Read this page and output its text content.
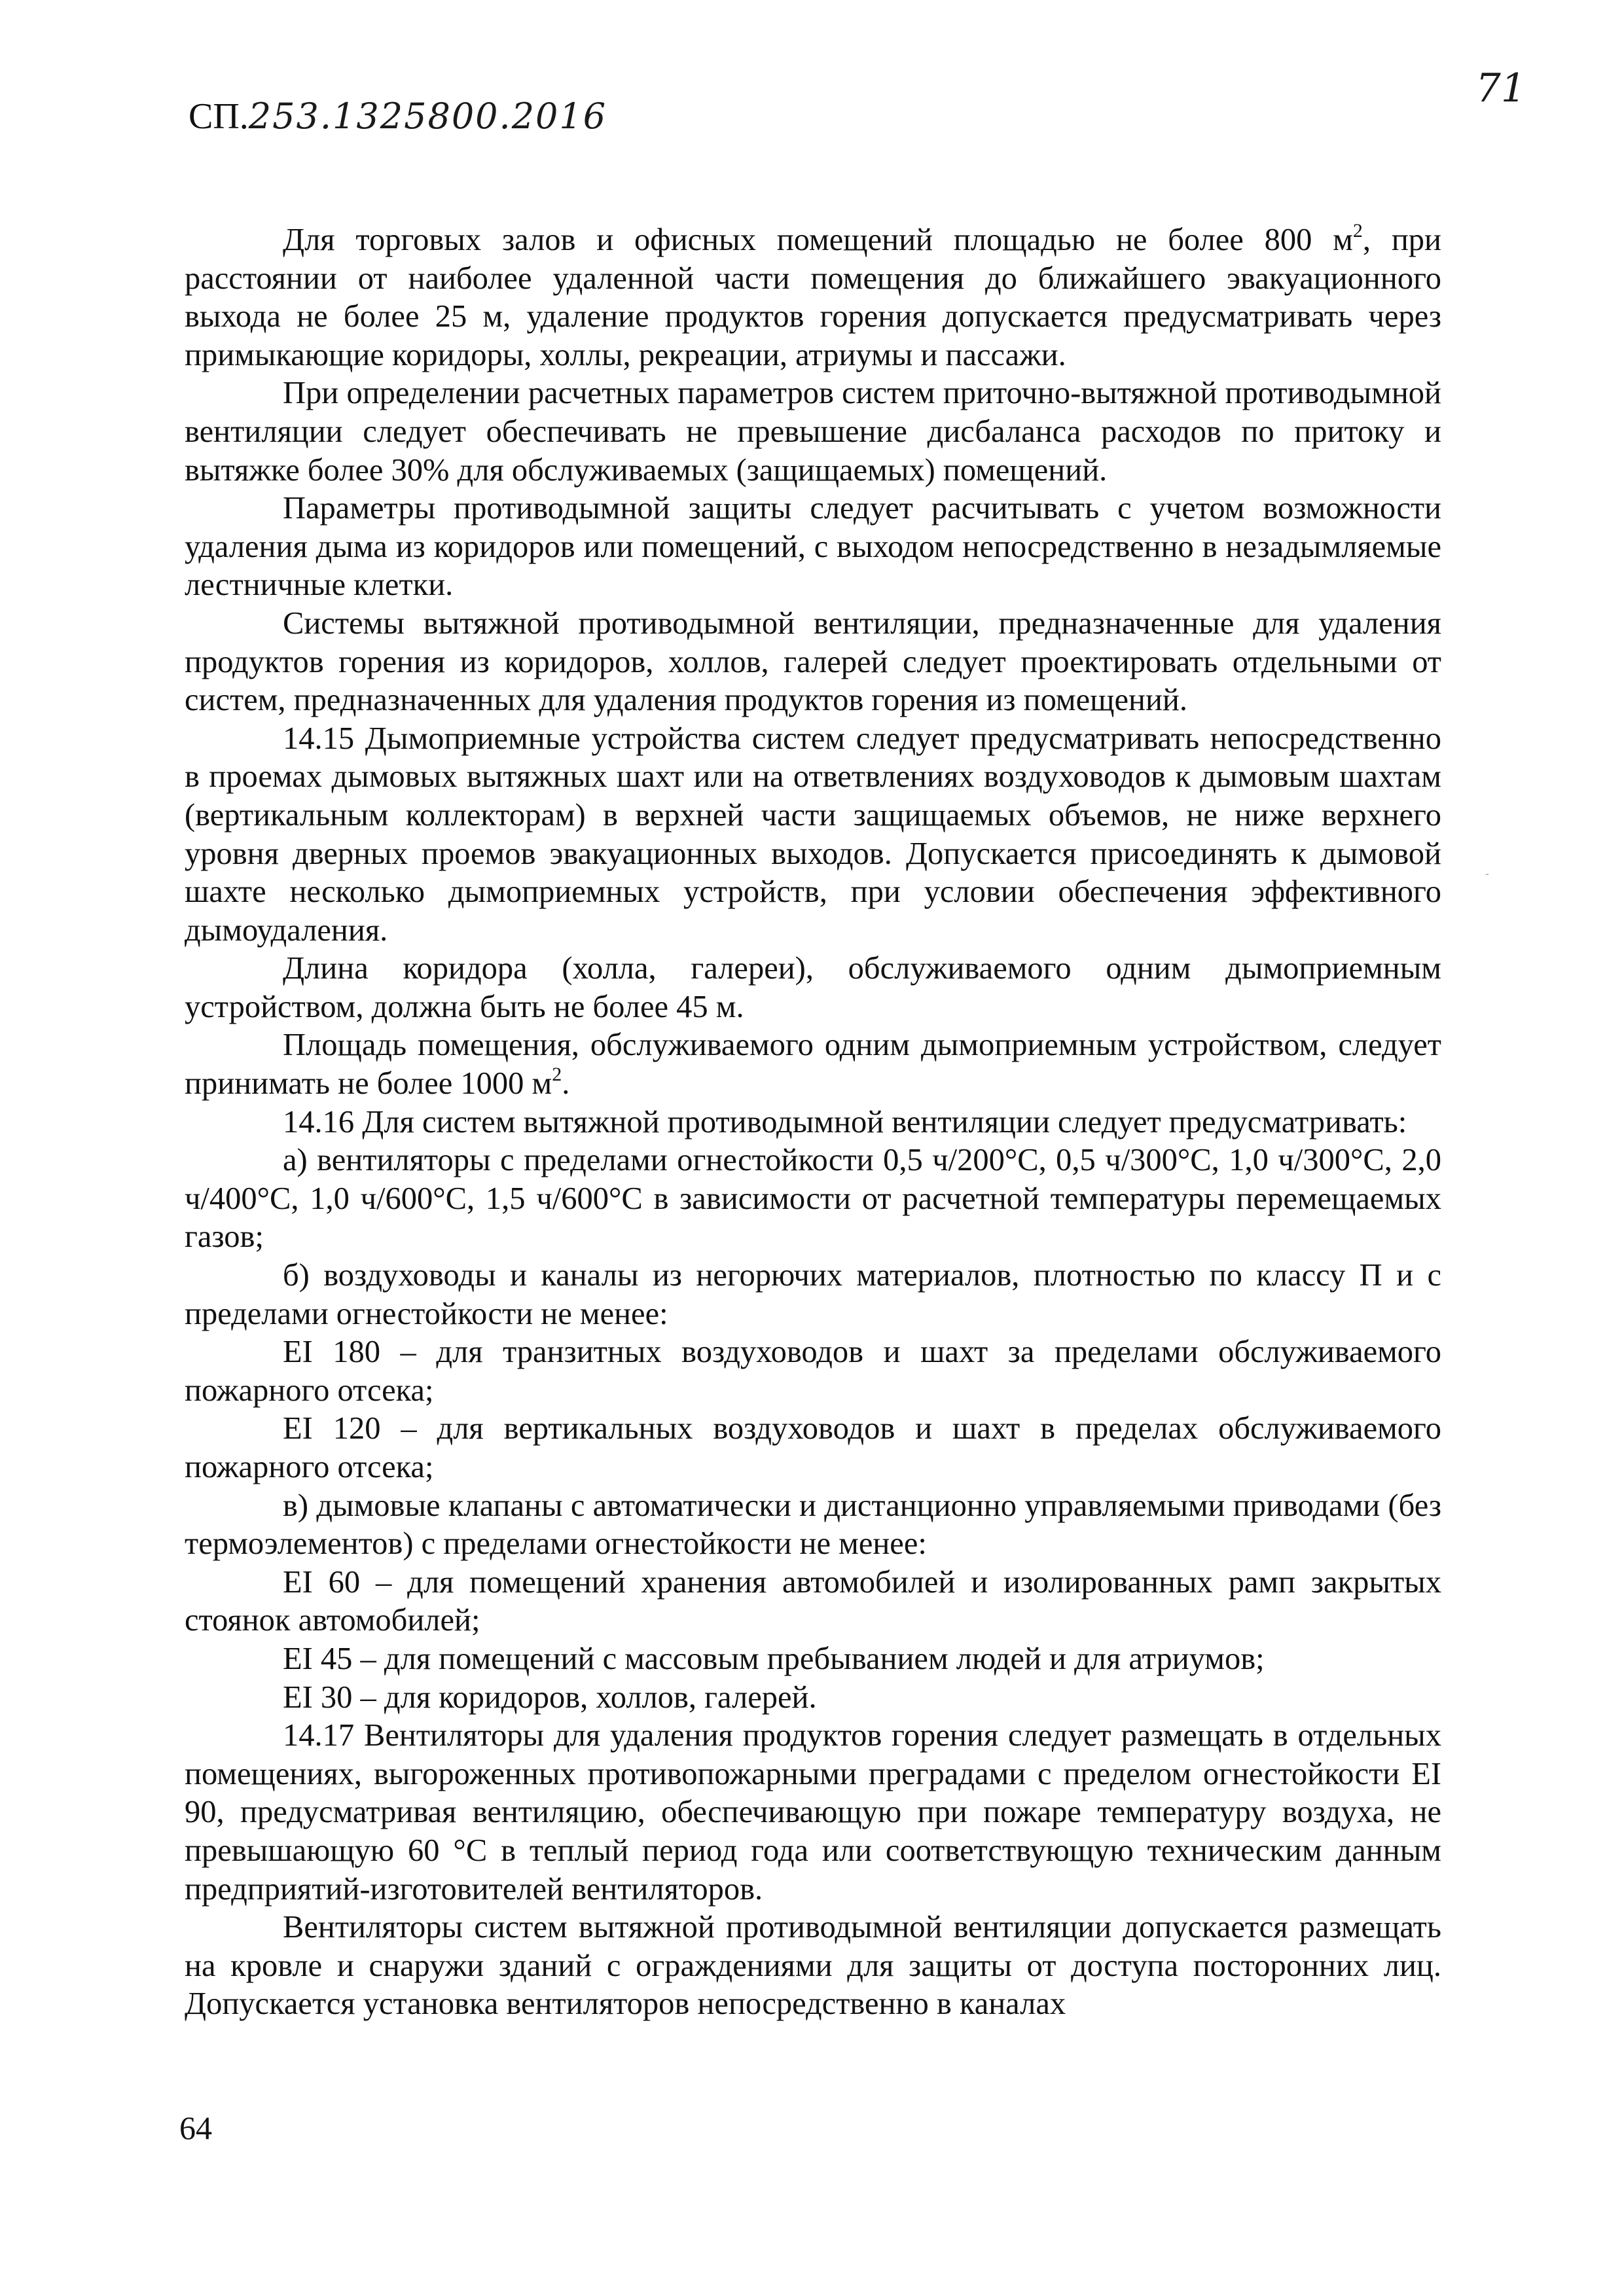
СП.253.1325800.2016
71

Для торговых залов и офисных помещений площадью не более 800 $м^2$, при расстоянии от наиболее удаленной части помещения до ближайшего эвакуационного выхода не более 25 м, удаление продуктов горения допускается предусматривать через примыкающие коридоры, холлы, рекреации, атриумы и пассажи.

При определении расчетных параметров систем приточно-вытяжной противодымной вентиляции следует обеспечивать не превышение дисбаланса расходов по притоку и вытяжке более 30% для обслуживаемых (защищаемых) помещений.

Параметры противодымной защиты следует расчитывать с учетом возможности удаления дыма из коридоров или помещений, с выходом непосредственно в незадымляемые лестничные клетки.

Системы вытяжной противодымной вентиляции, предназначенные для удаления продуктов горения из коридоров, холлов, галерей следует проектировать отдельными от систем, предназначенных для удаления продуктов горения из помещений.

14.15 Дымоприемные устройства систем следует предусматривать непосредственно в проемах дымовых вытяжных шахт или на ответвлениях воздуховодов к дымовым шахтам (вертикальным коллекторам) в верхней части защищаемых объемов, не ниже верхнего уровня дверных проемов эвакуационных выходов. Допускается присоединять к дымовой шахте несколько дымоприемных устройств, при условии обеспечения эффективного дымоудаления.

Длина коридора (холла, галереи), обслуживаемого одним дымоприемным устройством, должна быть не более 45 м.

Площадь помещения, обслуживаемого одним дымоприемным устройством, следует принимать не более 1000 $м^2$.

14.16 Для систем вытяжной противодымной вентиляции следует предусматривать:

а) вентиляторы с пределами огнестойкости 0,5 ч/200°С, 0,5 ч/300°С, 1,0 ч/300°С, 2,0 ч/400°С, 1,0 ч/600°С, 1,5 ч/600°С в зависимости от расчетной температуры перемещаемых газов;

б) воздуховоды и каналы из негорючих материалов, плотностью по классу П и с пределами огнестойкости не менее:

EI 180 – для транзитных воздуховодов и шахт за пределами обслуживаемого пожарного отсека;

EI 120 – для вертикальных воздуховодов и шахт в пределах обслуживаемого пожарного отсека;

в) дымовые клапаны с автоматически и дистанционно управляемыми приводами (без термоэлементов) с пределами огнестойкости не менее:

EI 60 – для помещений хранения автомобилей и изолированных рамп закрытых стоянок автомобилей;

EI 45 – для помещений с массовым пребыванием людей и для атриумов;

EI 30 – для коридоров, холлов, галерей.

14.17 Вентиляторы для удаления продуктов горения следует размещать в отдельных помещениях, выгороженных противопожарными преградами с пределом огнестойкости EI 90, предусматривая вентиляцию, обеспечивающую при пожаре температуру воздуха, не превышающую 60 °С в теплый период года или соответствующую техническим данным предприятий-изготовителей вентиляторов.

Вентиляторы систем вытяжной противодымной вентиляции допускается размещать на кровле и снаружи зданий с ограждениями для защиты от доступа посторонних лиц. Допускается установка вентиляторов непосредственно в каналах

64
